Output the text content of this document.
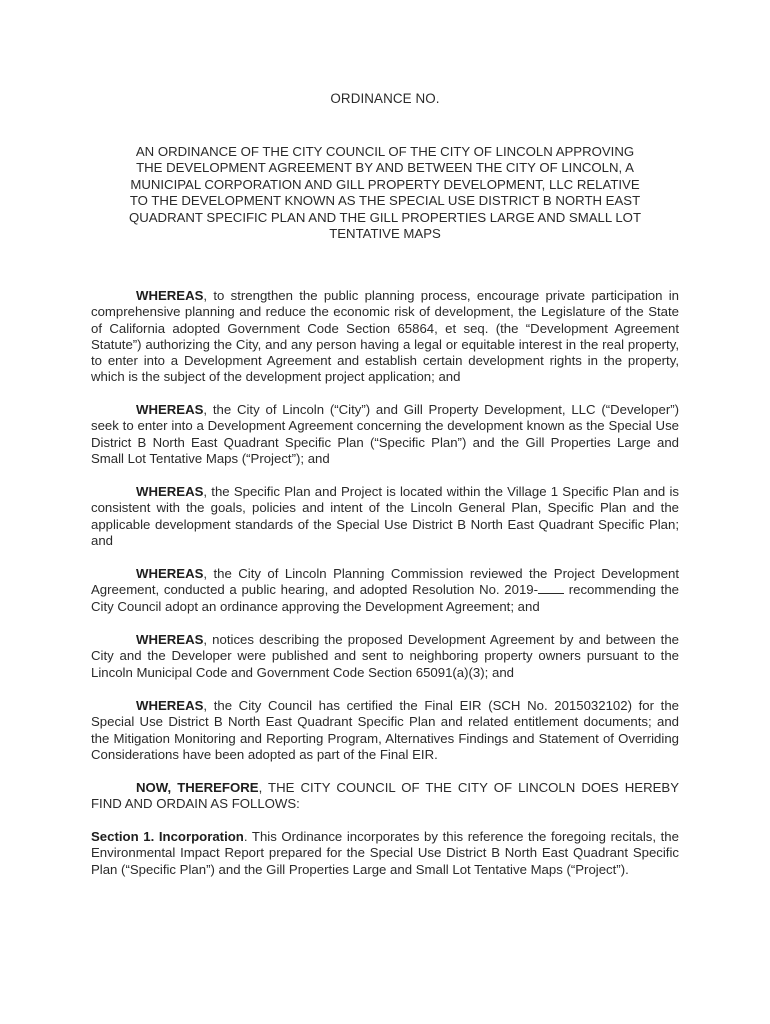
ORDINANCE NO.
AN ORDINANCE OF THE CITY COUNCIL OF THE CITY OF LINCOLN APPROVING THE DEVELOPMENT AGREEMENT BY AND BETWEEN THE CITY OF LINCOLN, A MUNICIPAL CORPORATION AND GILL PROPERTY DEVELOPMENT, LLC RELATIVE TO THE DEVELOPMENT KNOWN AS THE SPECIAL USE DISTRICT B NORTH EAST QUADRANT SPECIFIC PLAN AND THE GILL PROPERTIES LARGE AND SMALL LOT TENTATIVE MAPS

WHEREAS, to strengthen the public planning process, encourage private participation in comprehensive planning and reduce the economic risk of development, the Legislature of the State of California adopted Government Code Section 65864, et seq. (the “Development Agreement Statute”) authorizing the City, and any person having a legal or equitable interest in the real property, to enter into a Development Agreement and establish certain development rights in the property, which is the subject of the development project application; and

WHEREAS, the City of Lincoln (“City”) and Gill Property Development, LLC (“Developer”) seek to enter into a Development Agreement concerning the development known as the Special Use District B North East Quadrant Specific Plan (“Specific Plan”) and the Gill Properties Large and Small Lot Tentative Maps (“Project”); and

WHEREAS, the Specific Plan and Project is located within the Village 1 Specific Plan and is consistent with the goals, policies and intent of the Lincoln General Plan, Specific Plan and the applicable development standards of the Special Use District B North East Quadrant Specific Plan; and

WHEREAS, the City of Lincoln Planning Commission reviewed the Project Development Agreement, conducted a public hearing, and adopted Resolution No. 2019- recommending the City Council adopt an ordinance approving the Development Agreement; and

WHEREAS, notices describing the proposed Development Agreement by and between the City and the Developer were published and sent to neighboring property owners pursuant to the Lincoln Municipal Code and Government Code Section 65091(a)(3); and

WHEREAS, the City Council has certified the Final EIR (SCH No. 2015032102) for the Special Use District B North East Quadrant Specific Plan and related entitlement documents; and the Mitigation Monitoring and Reporting Program, Alternatives Findings and Statement of Overriding Considerations have been adopted as part of the Final EIR.

NOW, THEREFORE, THE CITY COUNCIL OF THE CITY OF LINCOLN DOES HEREBY FIND AND ORDAIN AS FOLLOWS:

Section 1. Incorporation. This Ordinance incorporates by this reference the foregoing recitals, the Environmental Impact Report prepared for the Special Use District B North East Quadrant Specific Plan (“Specific Plan”) and the Gill Properties Large and Small Lot Tentative Maps (“Project”).
